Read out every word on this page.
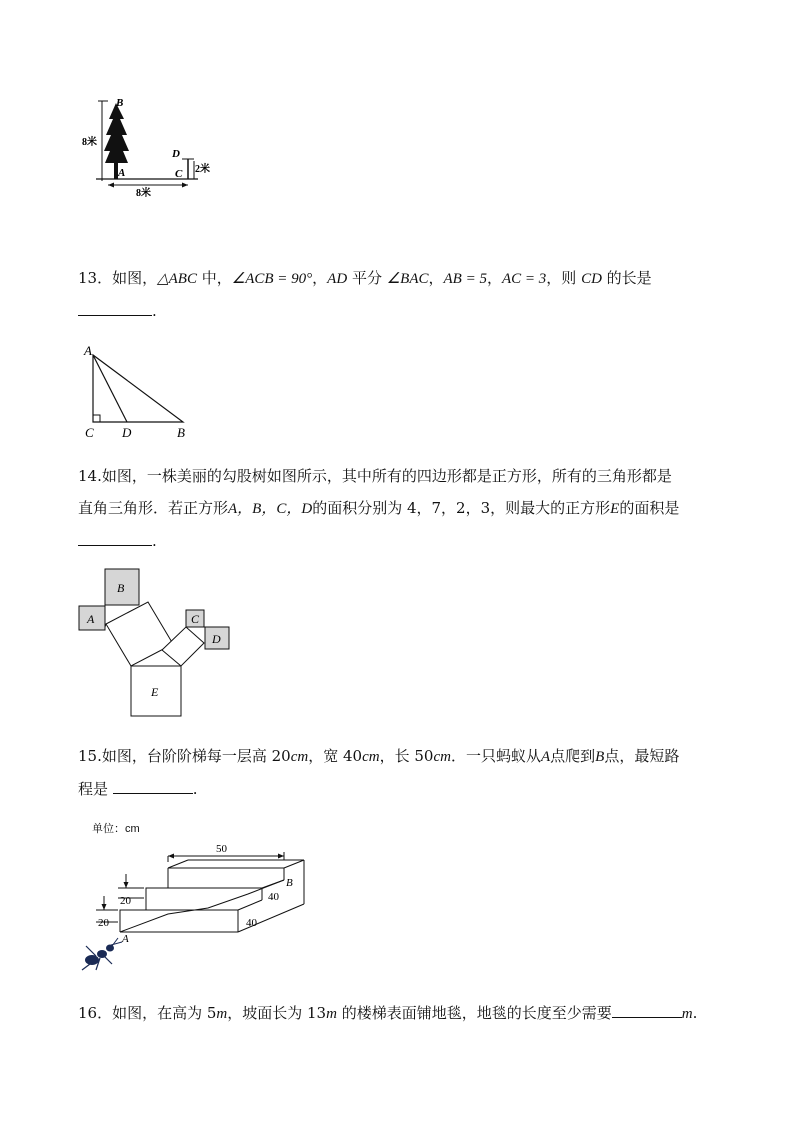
B
8米
A
D
C 2米
8米
13．如图，△ABC 中，∠ACB = 90°，AD 平分 ∠BAC，AB = 5，AC = 3，则 CD 的长是
.
A
C D	B
14.如图，一株美丽的勾股树如图所示，其中所有的四边形都是正方形，所有的三角形都是
直角三角形．若正方形A，B，C，D的面积分别为 4，7，2，3，则最大的正方形E的面积是
.
A
B
C
D
E
15.如图，台阶阶梯每一层高 20cm，宽 40cm，长 50cm．一只蚂蚁从A点爬到B点，最短路
程是	.
单位：cm
50
40
40
20
20
A
B
16．如图，在高为 5m，坡面长为 13m 的楼梯表面铺地毯，地毯的长度至少需要	m.
